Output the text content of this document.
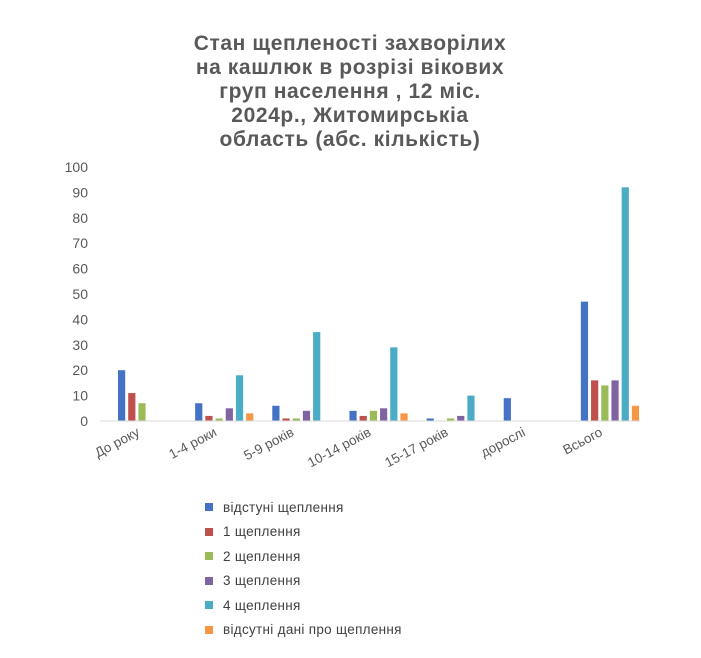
Стан щепленості захворілих
на кашлюк в розрізі вікових
груп населення , 12 міс.
2024р., Житомирськіа
область (абс. кількість)
0
10
20
30
40
50
60
70
80
90
100
До року 1-4 роки 5-9 років 10-14 років 15-17 років дорослі Всього
відстуні щеплення
1 щеплення
2 щеплення
3 щеплення
4 щеплення
відсутні дані про щеплення
